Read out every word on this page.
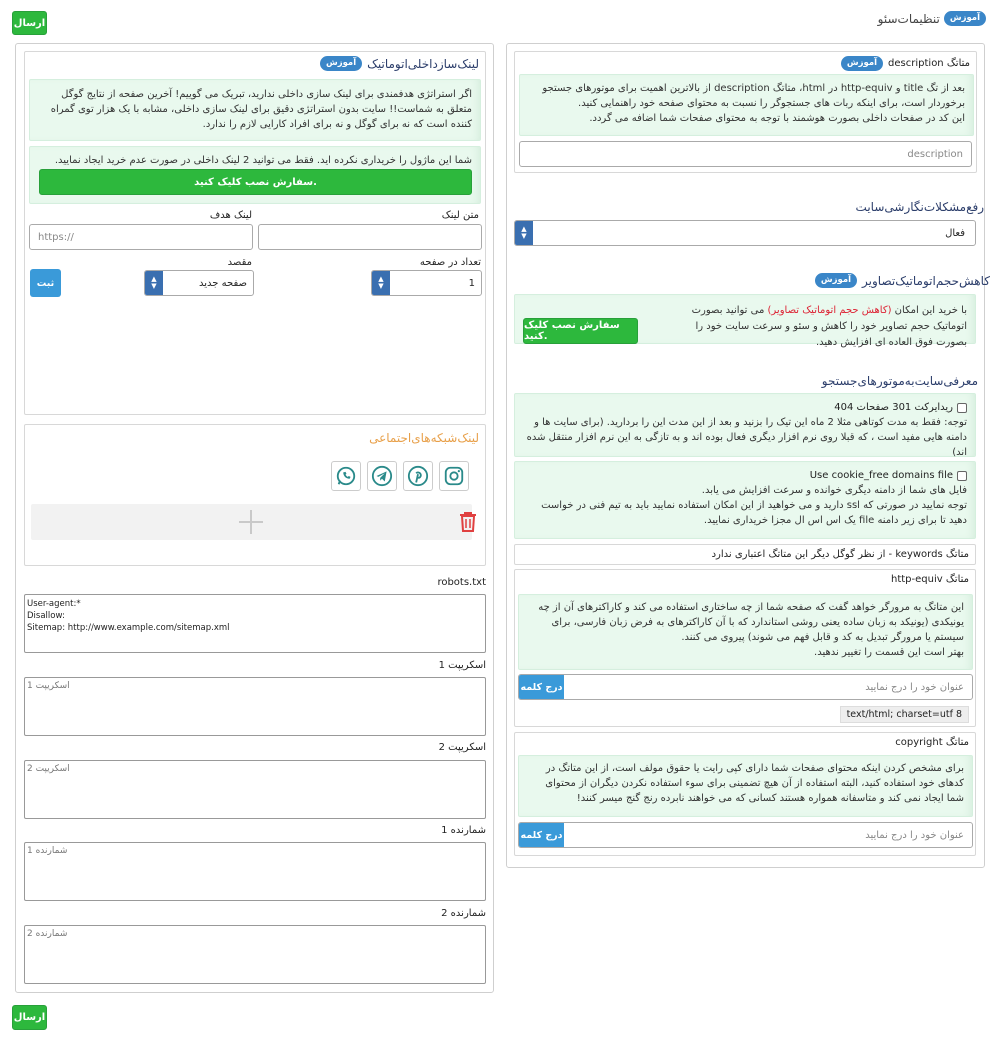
ارسال	آموزش
تنظیمات‌سئو
متاتگ description
آموزش

بعد از تگ title و http-equiv در html، متاتگ description از بالاترین اهمیت برای موتورهای جستجو برخوردار است، برای اینکه ربات های جستجوگر را نسبت به محتوای صفحه خود راهنمایی کنید.

این کد در صفحات داخلی بصورت هوشمند با توجه به محتوای صفحات شما اضافه می گردد.

description
رفع‌مشکلات‌نگارشی‌سایت
▲
▼	فعال
کاهش‌حجم‌اتوماتیک‌تصاویر
آموزش

با خرید این امکان (کاهش حجم اتوماتیک تصاویر) می توانید بصورت اتوماتیک حجم تصاویر خود را کاهش و سئو و سرعت سایت خود را بصورت فوق العاده ای افزایش دهید.

سفارش نصب کلیک کنید.
معرفی‌سایت‌به‌موتورهای‌جستجو
ریدایرکت 301 صفحات 404

توجه: فقط به مدت کوتاهی مثلا 2 ماه این تیک را بزنید و بعد از این مدت این را بردارید. (برای سایت ها و دامنه هایی مفید است ، که قبلا روی نرم افزار دیگری فعال بوده اند و به تازگی به این نرم افزار منتقل شده اند)

Use cookie_free domains file

فایل های شما از دامنه دیگری خوانده و سرعت افزایش می یابد.

توجه نمایید در صورتی که ssl دارید و می خواهید از این امکان استفاده نمایید باید به تیم فنی در خواست دهید تا برای زیر دامنه file یک اس اس ال مجزا خریداری نمایید.

متاتگ keywords - از نظر گوگل دیگر این متاتگ اعتباری ندارد
متاتگ http-equiv

این متاتگ به مرورگر خواهد گفت که صفحه شما از چه ساختاری استفاده می کند و کاراکترهای آن از چه یونیکدی (یونیکد به زبان ساده یعنی روشی استاندارد که با آن کاراکترهای به فرض زبان فارسی، برای سیستم یا مرورگر تبدیل به کد و قابل فهم می شوند) پیروی می کنند.

بهتر است این قسمت را تغییر ندهید.

درج کلمه	عنوان خود را درج نمایید
text/html; charset=utf 8
متاتگ copyright

برای مشخص کردن اینکه محتوای صفحات شما دارای کپی رایت یا حقوق مولف است، از این متاتگ در کدهای خود استفاده کنید، البته استفاده از آن هیچ تضمینی برای سوء استفاده نکردن دیگران از محتوای شما ایجاد نمی کند و متاسفانه همواره هستند کسانی که می خواهند نابرده رنج گنج میسر کنند!

درج کلمه	عنوان خود را درج نمایید
لینک‌ساز‌داخلی‌اتوماتیک
آموزش

اگر استراتژی هدفمندی برای لینک سازی داخلی ندارید، تبریک می گوییم! آخرین صفحه از نتایج گوگل متعلق به شماست!! سایت بدون استراتژی دقیق برای لینک سازی داخلی، مشابه با یک هزار توی گمراه کننده است که نه برای گوگل و نه برای افراد کارایی لازم را ندارد.

شما این ماژول را خریداری نکرده اید. فقط می توانید 2 لینک داخلی در صورت عدم خرید ایجاد نمایید.

سفارش نصب کلیک کنید.
متن لینک
لینک هدف
https://
تعداد در صفحه
مقصد
▲
▼	1
▲
▼	صفحه جدید
ثبت
لینک‌شبکه‌های‌اجتماعی
robots.txt
User-agent:*
Disallow:
Sitemap: http://www.example.com/sitemap.xml
اسکریپت 1
اسکریپت 1
اسکریپت 2
اسکریپت 2
شمارنده 1
شمارنده 1
شمارنده 2
شمارنده 2
ارسال
